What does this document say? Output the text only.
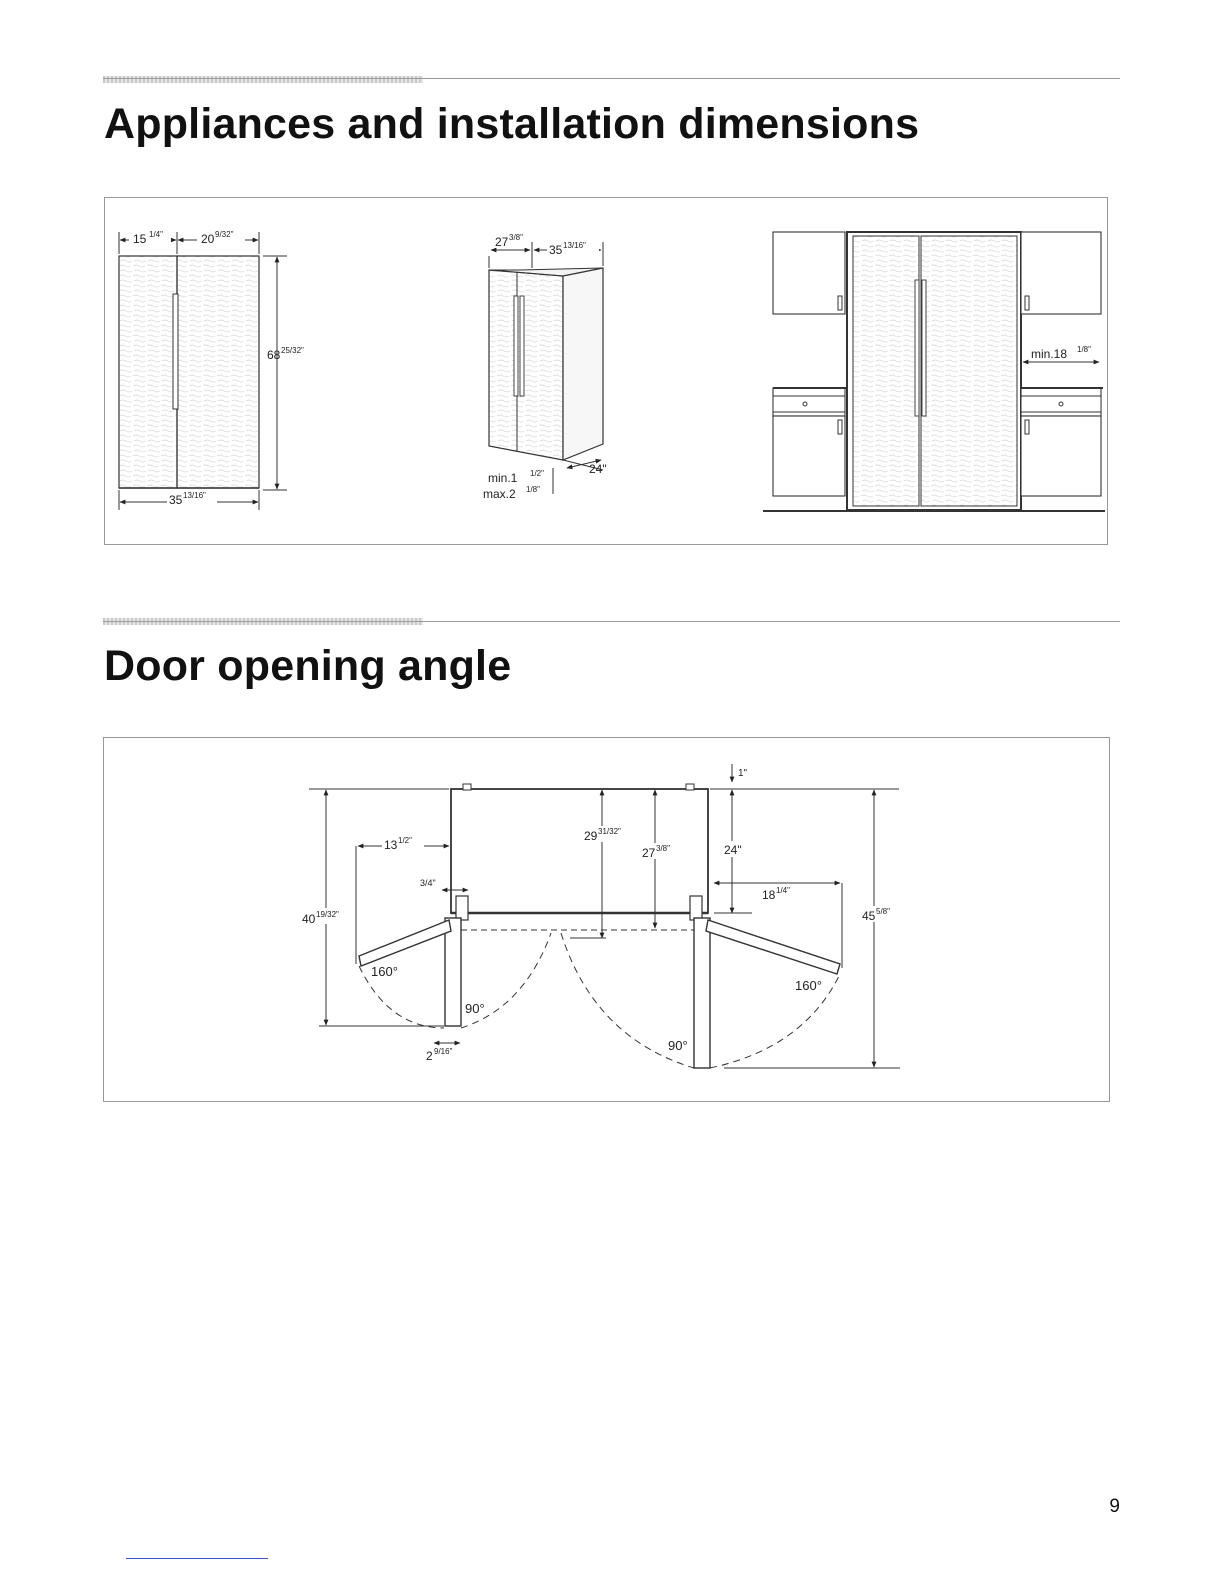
Appliances and installation dimensions
15 1/4"	20 9/32"
68 25/32"
35 13/16"
27 3/8"
35 13/16"
24"
min.1 1/2"
max.2 1/8"
min.18 1/8"
Door opening angle
40 19/32"	45 5/8"
29 31/32"
27 3/8"	24"
1"
13 1/2"
18 1/4"
3/4"
2 9/16"
160°
90°
90°
160°
9
